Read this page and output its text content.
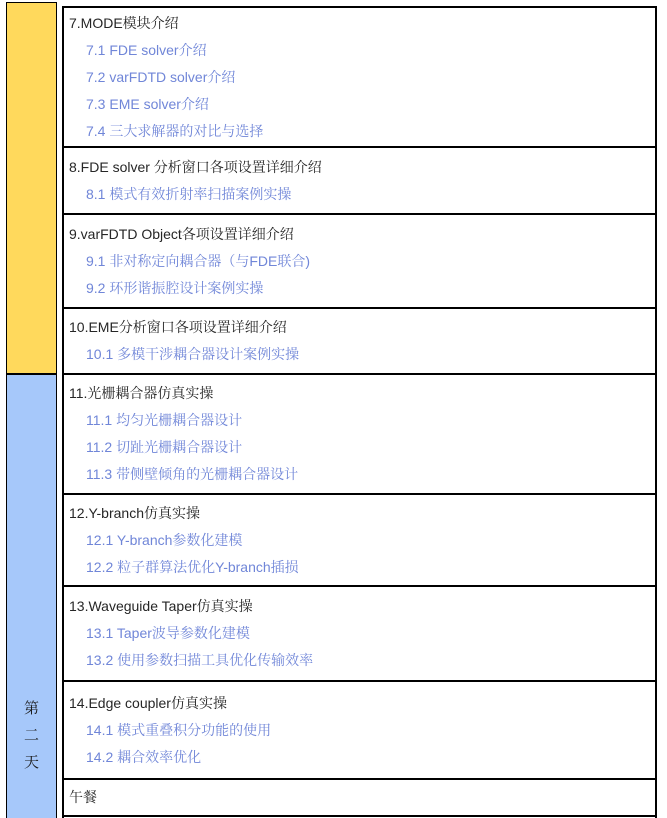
第
二
天
7.MODE模块介绍
7.1 FDE solver介绍
7.2 varFDTD solver介绍
7.3 EME solver介绍
7.4 三大求解器的对比与选择
8.FDE solver 分析窗口各项设置详细介绍
8.1 模式有效折射率扫描案例实操
9.varFDTD Object各项设置详细介绍
9.1 非对称定向耦合器（与FDE联合)
9.2 环形谐振腔设计案例实操
10.EME分析窗口各项设置详细介绍
10.1 多模干涉耦合器设计案例实操
11.光栅耦合器仿真实操
11.1 均匀光栅耦合器设计
11.2 切趾光栅耦合器设计
11.3 带侧壁倾角的光栅耦合器设计
12.Y-branch仿真实操
12.1 Y-branch参数化建模
12.2 粒子群算法优化Y-branch插损
13.Waveguide Taper仿真实操
13.1 Taper波导参数化建模
13.2 使用参数扫描工具优化传输效率
14.Edge coupler仿真实操
14.1 模式重叠积分功能的使用
14.2 耦合效率优化
午餐
